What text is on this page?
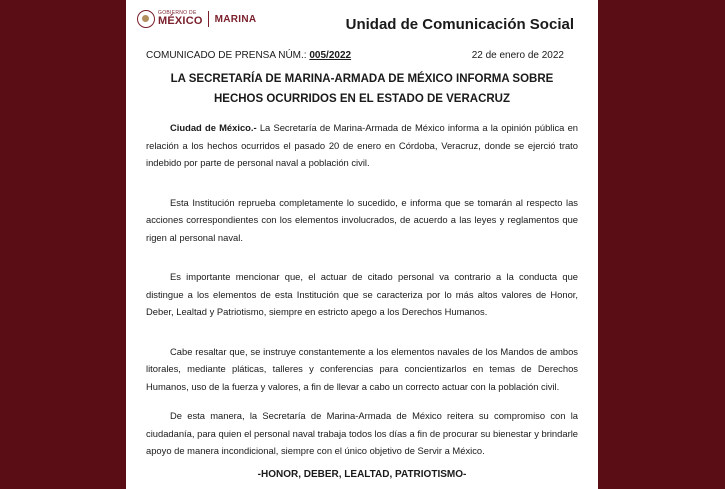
GOBIERNO DE
MÉXICO MARINA	Unidad de Comunicación Social
COMUNICADO DE PRENSA NÚM.: 005/2022	22 de enero de 2022
LA SECRETARÍA DE MARINA-ARMADA DE MÉXICO INFORMA SOBRE
HECHOS OCURRIDOS EN EL ESTADO DE VERACRUZ

Ciudad de México.- La Secretaría de Marina-Armada de México informa a la opinión pública en relación a los hechos ocurridos el pasado 20 de enero en Córdoba, Veracruz, donde se ejerció trato indebido por parte de personal naval a población civil.

Esta Institución reprueba completamente lo sucedido, e informa que se tomarán al respecto las acciones correspondientes con los elementos involucrados, de acuerdo a las leyes y reglamentos que rigen al personal naval.

Es importante mencionar que, el actuar de citado personal va contrario a la conducta que distingue a los elementos de esta Institución que se caracteriza por lo más altos valores de Honor, Deber, Lealtad y Patriotismo, siempre en estricto apego a los Derechos Humanos.

Cabe resaltar que, se instruye constantemente a los elementos navales de los Mandos de ambos litorales, mediante pláticas, talleres y conferencias para concientizarlos en temas de Derechos Humanos, uso de la fuerza y valores, a fin de llevar a cabo un correcto actuar con la población civil.

De esta manera, la Secretaría de Marina-Armada de México reitera su compromiso con la ciudadanía, para quien el personal naval trabaja todos los días a fin de procurar su bienestar y brindarle apoyo de manera incondicional, siempre con el único objetivo de Servir a México.

-HONOR, DEBER, LEALTAD, PATRIOTISMO-
